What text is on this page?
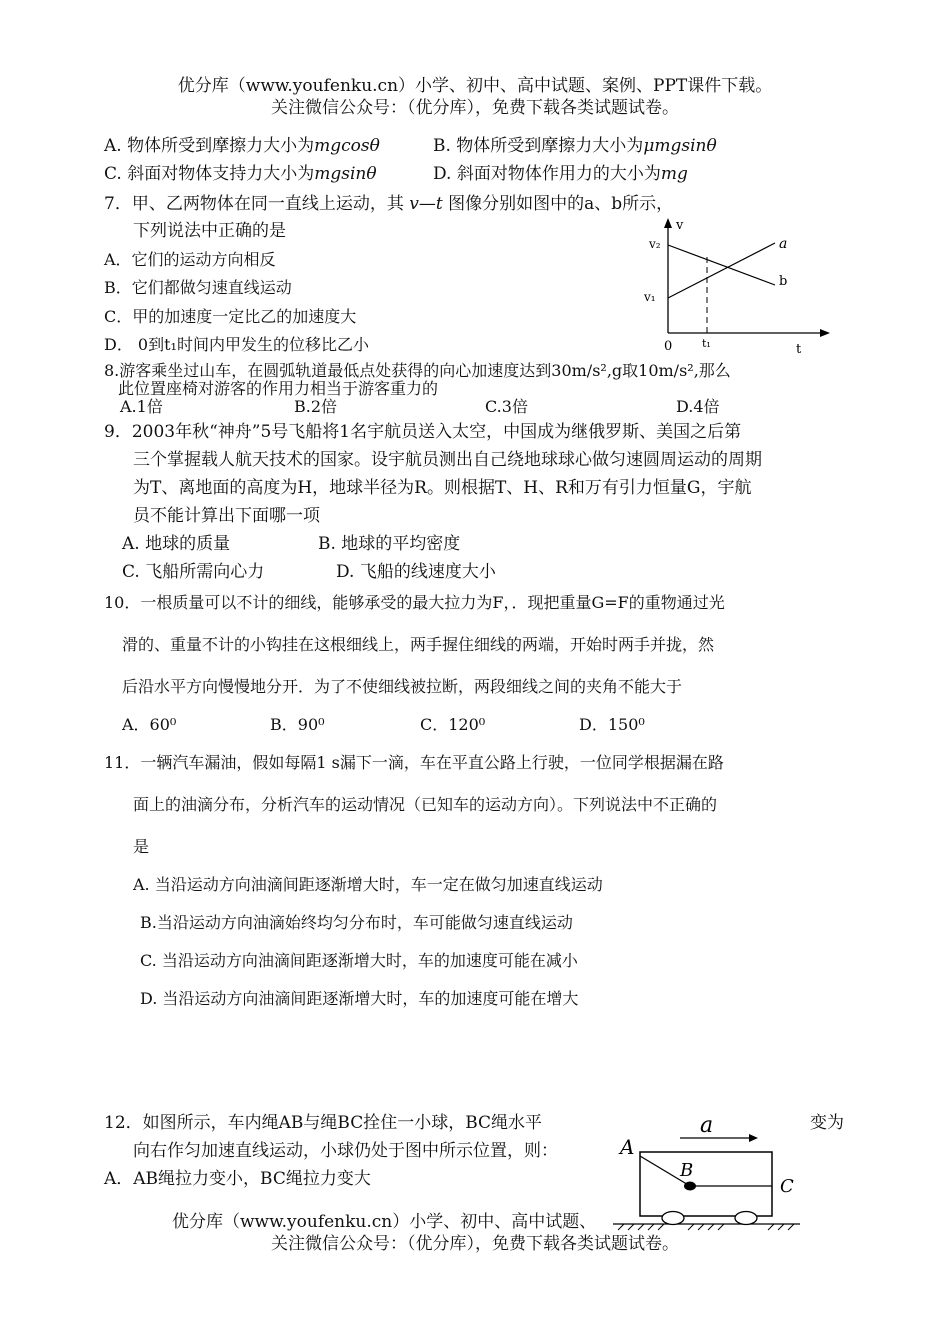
优分库（www.youfenku.cn）小学、初中、高中试题、案例、PPT课件下载。
关注微信公众号：（优分库），免费下载各类试题试卷。
A. 物体所受到摩擦力大小为mgcosθ	B. 物体所受到摩擦力大小为μmgsinθ
C. 斜面对物体支持力大小为mgsinθ	D. 斜面对物体作用力的大小为mg
7．甲、乙两物体在同一直线上运动，其 v—t 图像分别如图中的a、b所示，
下列说法中正确的是
A．它们的运动方向相反
B．它们都做匀速直线运动
C．甲的加速度一定比乙的加速度大
D． 0到t₁时间内甲发生的位移比乙小
v
v₂
v₁
a
b
0	t₁	t
8.游客乘坐过山车，在圆弧轨道最低点处获得的向心加速度达到30m/s²,g取10m/s²,那么
此位置座椅对游客的作用力相当于游客重力的
A.1倍	B.2倍	C.3倍	D.4倍
9．2003年秋“神舟”5号飞船将1名宇航员送入太空，中国成为继俄罗斯、美国之后第
三个掌握载人航天技术的国家。设宇航员测出自己绕地球球心做匀速圆周运动的周期
为T、离地面的高度为H，地球半径为R。则根据T、H、R和万有引力恒量G，宇航
员不能计算出下面哪一项
A. 地球的质量	B. 地球的平均密度
C. 飞船所需向心力	D. 飞船的线速度大小
10．一根质量可以不计的细线，能够承受的最大拉力为F，．现把重量G=F的重物通过光
滑的、重量不计的小钩挂在这根细线上，两手握住细线的两端，开始时两手并拢，然
后沿水平方向慢慢地分开．为了不使细线被拉断，两段细线之间的夹角不能大于
A．60⁰	B．90⁰	C．120⁰	D．150⁰
11．一辆汽车漏油，假如每隔1 s漏下一滴，车在平直公路上行驶，一位同学根据漏在路
面上的油滴分布，分析汽车的运动情况（已知车的运动方向）。下列说法中不正确的
是
A. 当沿运动方向油滴间距逐渐增大时，车一定在做匀加速直线运动
B.当沿运动方向油滴始终均匀分布时，车可能做匀速直线运动
C. 当沿运动方向油滴间距逐渐增大时，车的加速度可能在减小
D. 当沿运动方向油滴间距逐渐增大时，车的加速度可能在增大
12．如图所示，车内绳AB与绳BC拴住一小球，BC绳水平	变为
向右作匀加速直线运动，小球仍处于图中所示位置，则：
A．AB绳拉力变小，BC绳拉力变大
a
A
B
C
优分库（www.youfenku.cn）小学、初中、高中试题、
关注微信公众号：（优分库），免费下载各类试题试卷。
